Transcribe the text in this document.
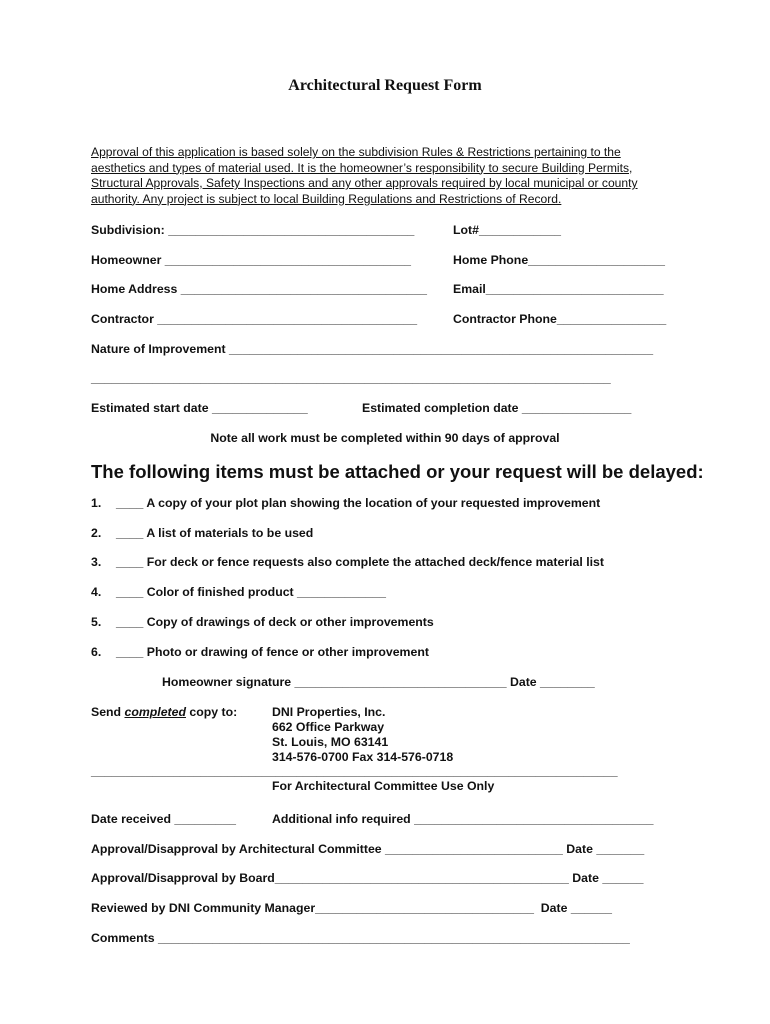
Architectural Request Form
Approval of this application is based solely on the subdivision Rules & Restrictions pertaining to the
aesthetics and types of material used. It is the homeowner’s responsibility to secure Building Permits,
Structural Approvals, Safety Inspections and any other approvals required by local municipal or county
authority. Any project is subject to local Building Regulations and Restrictions of Record.
Subdivision: ____________________________________	Lot#____________
Homeowner ____________________________________	Home Phone____________________
Home Address ____________________________________ Email__________________________
Contractor ______________________________________	Contractor Phone________________
Nature of Improvement ______________________________________________________________
____________________________________________________________________________
Estimated start date ______________	Estimated completion date ________________
Note all work must be completed within 90 days of approval
The following items must be attached or your request will be delayed:
1. ____ A copy of your plot plan showing the location of your requested improvement
2. ____ A list of materials to be used
3. ____ For deck or fence requests also complete the attached deck/fence material list
4. ____ Color of finished product _____________
5. ____ Copy of drawings of deck or other improvements
6. ____ Photo or drawing of fence or other improvement
Homeowner signature _______________________________ Date ________
Send completed copy to:	DNI Properties, Inc.
662 Office Parkway
St. Louis, MO 63141
314-576-0700 Fax 314-576-0718
_____________________________________________________________________________
For Architectural Committee Use Only
Date received _________	Additional info required ___________________________________
Approval/Disapproval by Architectural Committee __________________________ Date _______
Approval/Disapproval by Board___________________________________________ Date ______
Reviewed by DNI Community Manager________________________________  Date ______
Comments _____________________________________________________________________
